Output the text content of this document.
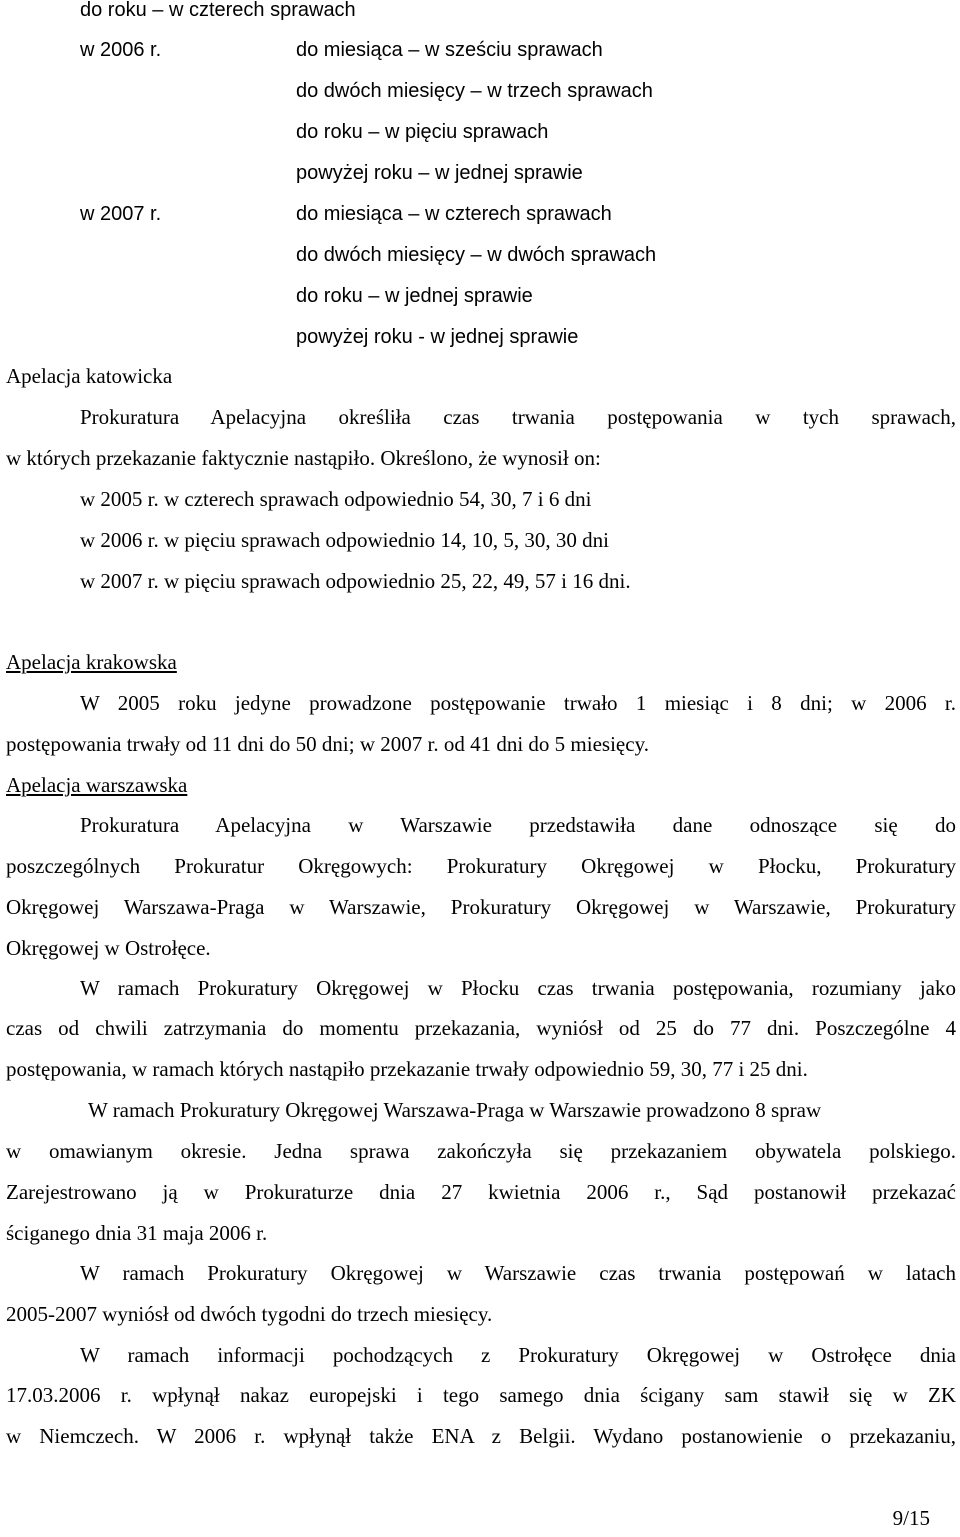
do roku – w czterech sprawach
w 2006 r.	do miesiąca – w sześciu sprawach
do dwóch miesięcy – w trzech sprawach
do roku – w pięciu sprawach
powyżej roku – w jednej sprawie
w 2007 r.	do miesiąca – w czterech sprawach
do dwóch miesięcy – w dwóch sprawach
do roku – w jednej sprawie
powyżej roku - w jednej sprawie
Apelacja katowicka
Prokuratura Apelacyjna określiła czas trwania postępowania w tych sprawach,
w których przekazanie faktycznie nastąpiło. Określono, że wynosił on:
w 2005 r. w czterech sprawach odpowiednio 54, 30, 7 i 6 dni
w 2006 r. w pięciu sprawach odpowiednio 14, 10, 5, 30, 30 dni
w 2007 r. w pięciu sprawach odpowiednio 25, 22, 49, 57 i 16 dni.
Apelacja krakowska
W 2005 roku jedyne prowadzone postępowanie trwało 1 miesiąc i 8 dni; w 2006 r.
postępowania trwały od 11 dni do 50 dni; w 2007 r. od 41 dni do 5 miesięcy.
Apelacja warszawska
Prokuratura Apelacyjna w Warszawie przedstawiła dane odnoszące się do
poszczególnych Prokuratur Okręgowych: Prokuratury Okręgowej w Płocku, Prokuratury
Okręgowej Warszawa-Praga w Warszawie, Prokuratury Okręgowej w Warszawie, Prokuratury
Okręgowej w Ostrołęce.
W ramach Prokuratury Okręgowej w Płocku czas trwania postępowania, rozumiany jako
czas od chwili zatrzymania do momentu przekazania, wyniósł od 25 do 77 dni. Poszczególne 4
postępowania, w ramach których nastąpiło przekazanie trwały odpowiednio 59, 30, 77 i 25 dni.
W ramach Prokuratury Okręgowej Warszawa-Praga w Warszawie prowadzono 8 spraw
w omawianym okresie. Jedna sprawa zakończyła się przekazaniem obywatela polskiego.
Zarejestrowano ją w Prokuraturze dnia 27 kwietnia 2006 r., Sąd postanowił przekazać
ściganego dnia 31 maja 2006 r.
W ramach Prokuratury Okręgowej w Warszawie czas trwania postępowań w latach
2005-2007 wyniósł od dwóch tygodni do trzech miesięcy.
W ramach informacji pochodzących z Prokuratury Okręgowej w Ostrołęce dnia
17.03.2006 r. wpłynął nakaz europejski i tego samego dnia ścigany sam stawił się w ZK
w Niemczech. W 2006 r. wpłynął także ENA z Belgii. Wydano postanowienie o przekazaniu,
9/15
